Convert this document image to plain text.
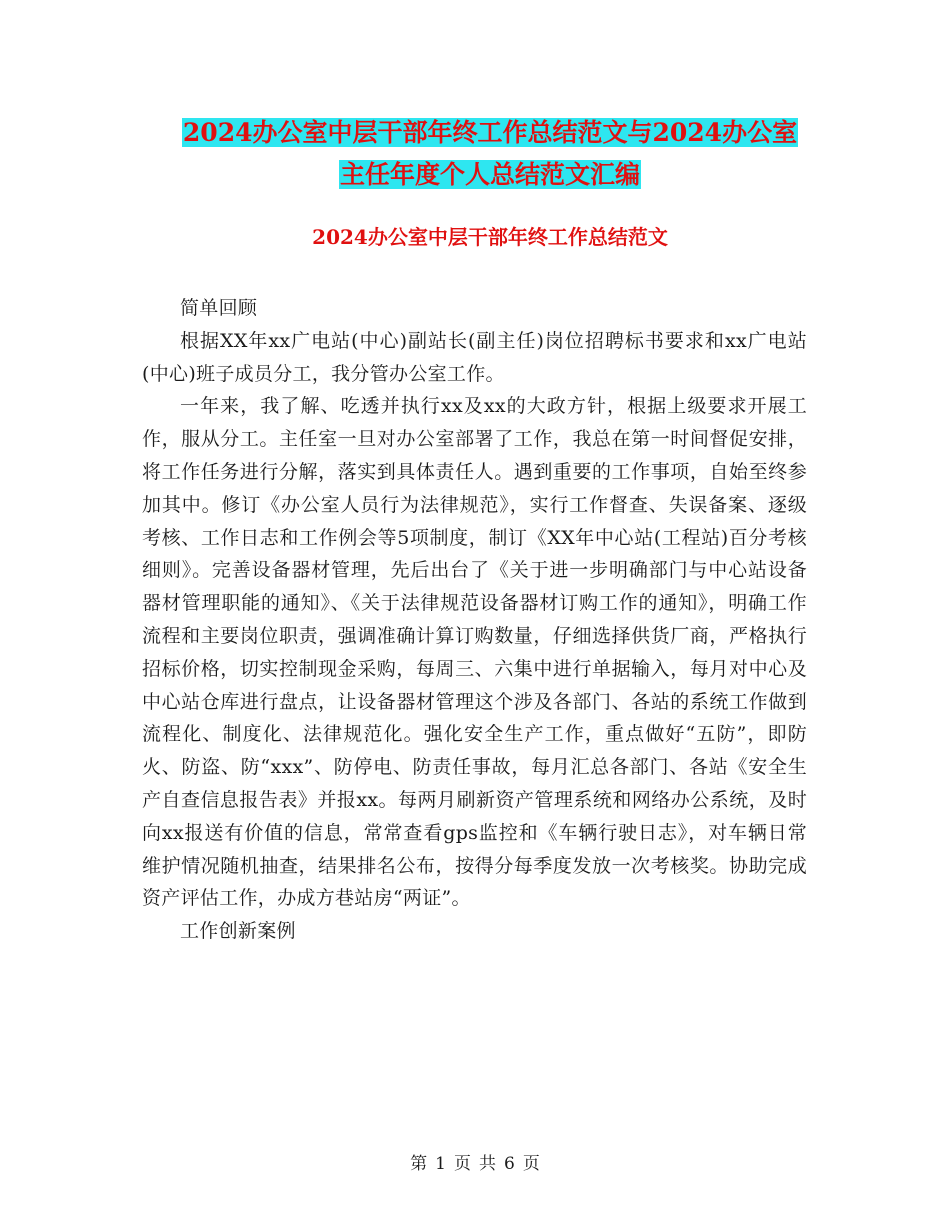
2024办公室中层干部年终工作总结范文与2024办公室
主任年度个人总结范文汇编
2024办公室中层干部年终工作总结范文

简单回顾

根据XX年xx广电站(中心)副站长(副主任)岗位招聘标书要求和xx广电站(中心)班子成员分工，我分管办公室工作。

一年来，我了解、吃透并执行xx及xx的大政方针，根据上级要求开展工作，服从分工。主任室一旦对办公室部署了工作，我总在第一时间督促安排，将工作任务进行分解，落实到具体责任人。遇到重要的工作事项，自始至终参加其中。修订《办公室人员行为法律规范》，实行工作督查、失误备案、逐级考核、工作日志和工作例会等5项制度，制订《XX年中心站(工程站)百分考核细则》。完善设备器材管理，先后出台了《关于进一步明确部门与中心站设备器材管理职能的通知》、《关于法律规范设备器材订购工作的通知》，明确工作流程和主要岗位职责，强调准确计算订购数量，仔细选择供货厂商，严格执行招标价格，切实控制现金采购，每周三、六集中进行单据输入，每月对中心及中心站仓库进行盘点，让设备器材管理这个涉及各部门、各站的系统工作做到流程化、制度化、法律规范化。强化安全生产工作，重点做好“五防”，即防火、防盗、防“xxx”、防停电、防责任事故，每月汇总各部门、各站《安全生产自查信息报告表》并报xx。每两月刷新资产管理系统和网络办公系统，及时向xx报送有价值的信息，常常查看gps监控和《车辆行驶日志》，对车辆日常维护情况随机抽查，结果排名公布，按得分每季度发放一次考核奖。协助完成资产评估工作，办成方巷站房“两证”。

工作创新案例

第 1 页 共 6 页
